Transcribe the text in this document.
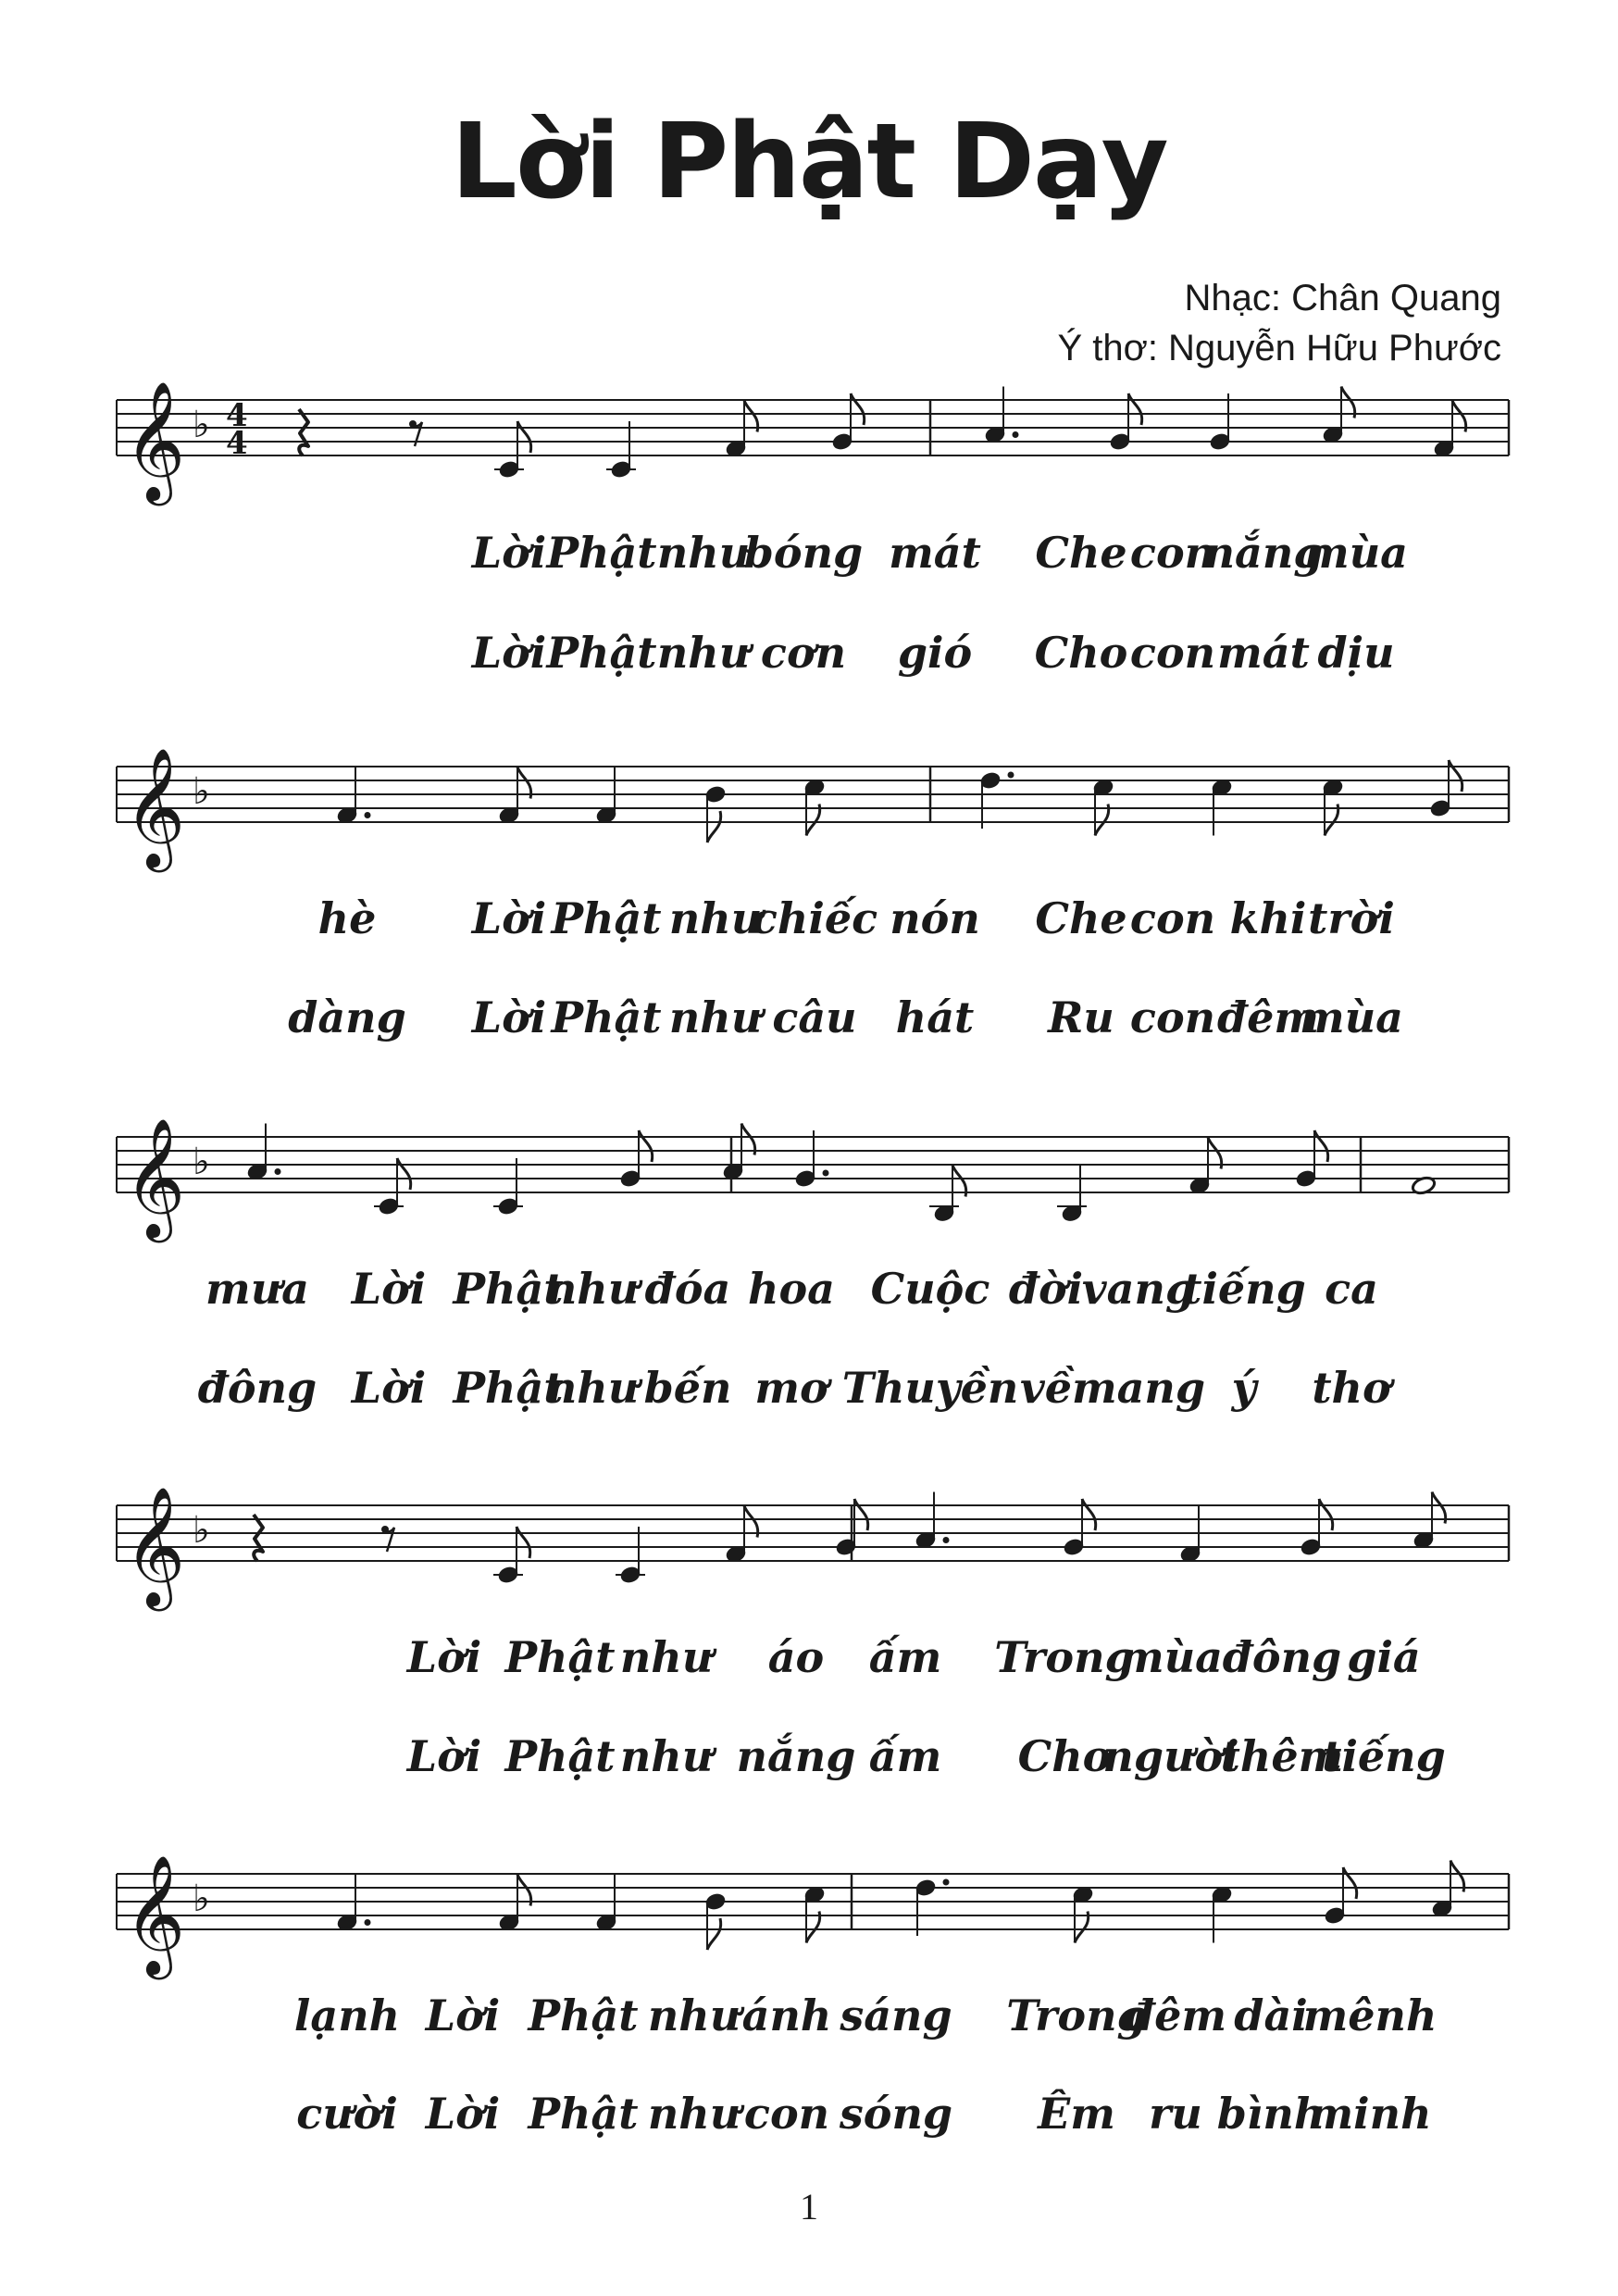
Lời Phật Dạy
Nhạc: Chân Quang
Ý thơ: Nguyễn Hữu Phước
𝄞 ♭ 4
4
𝄞 ♭
𝄞 ♭
𝄞 ♭
𝄞 ♭
Lời Phật như
bóng mát Che con
nắng
mùa
Lời Phật như cơn gió Cho con mát dịu
hè Lời Phật như
chiếc nón Che con khi trời
dàng Lời Phật như câu hát Ru con đêm
mùa
mưa Lời Phật
như đóa hoa Cuộc đời
vang
tiếng ca
đông Lời Phật
như bến mơ Thuyền về mang ý thơ
Lời Phật như áo ấm Trong
mùa đông giá
Lời Phật như nắng ấm Cho
người
thêm
tiếng
lạnh Lời Phật như ánh sáng Trong
đêm dài
mênh
cười Lời Phật như con sóng Êm ru bình
minh
1
